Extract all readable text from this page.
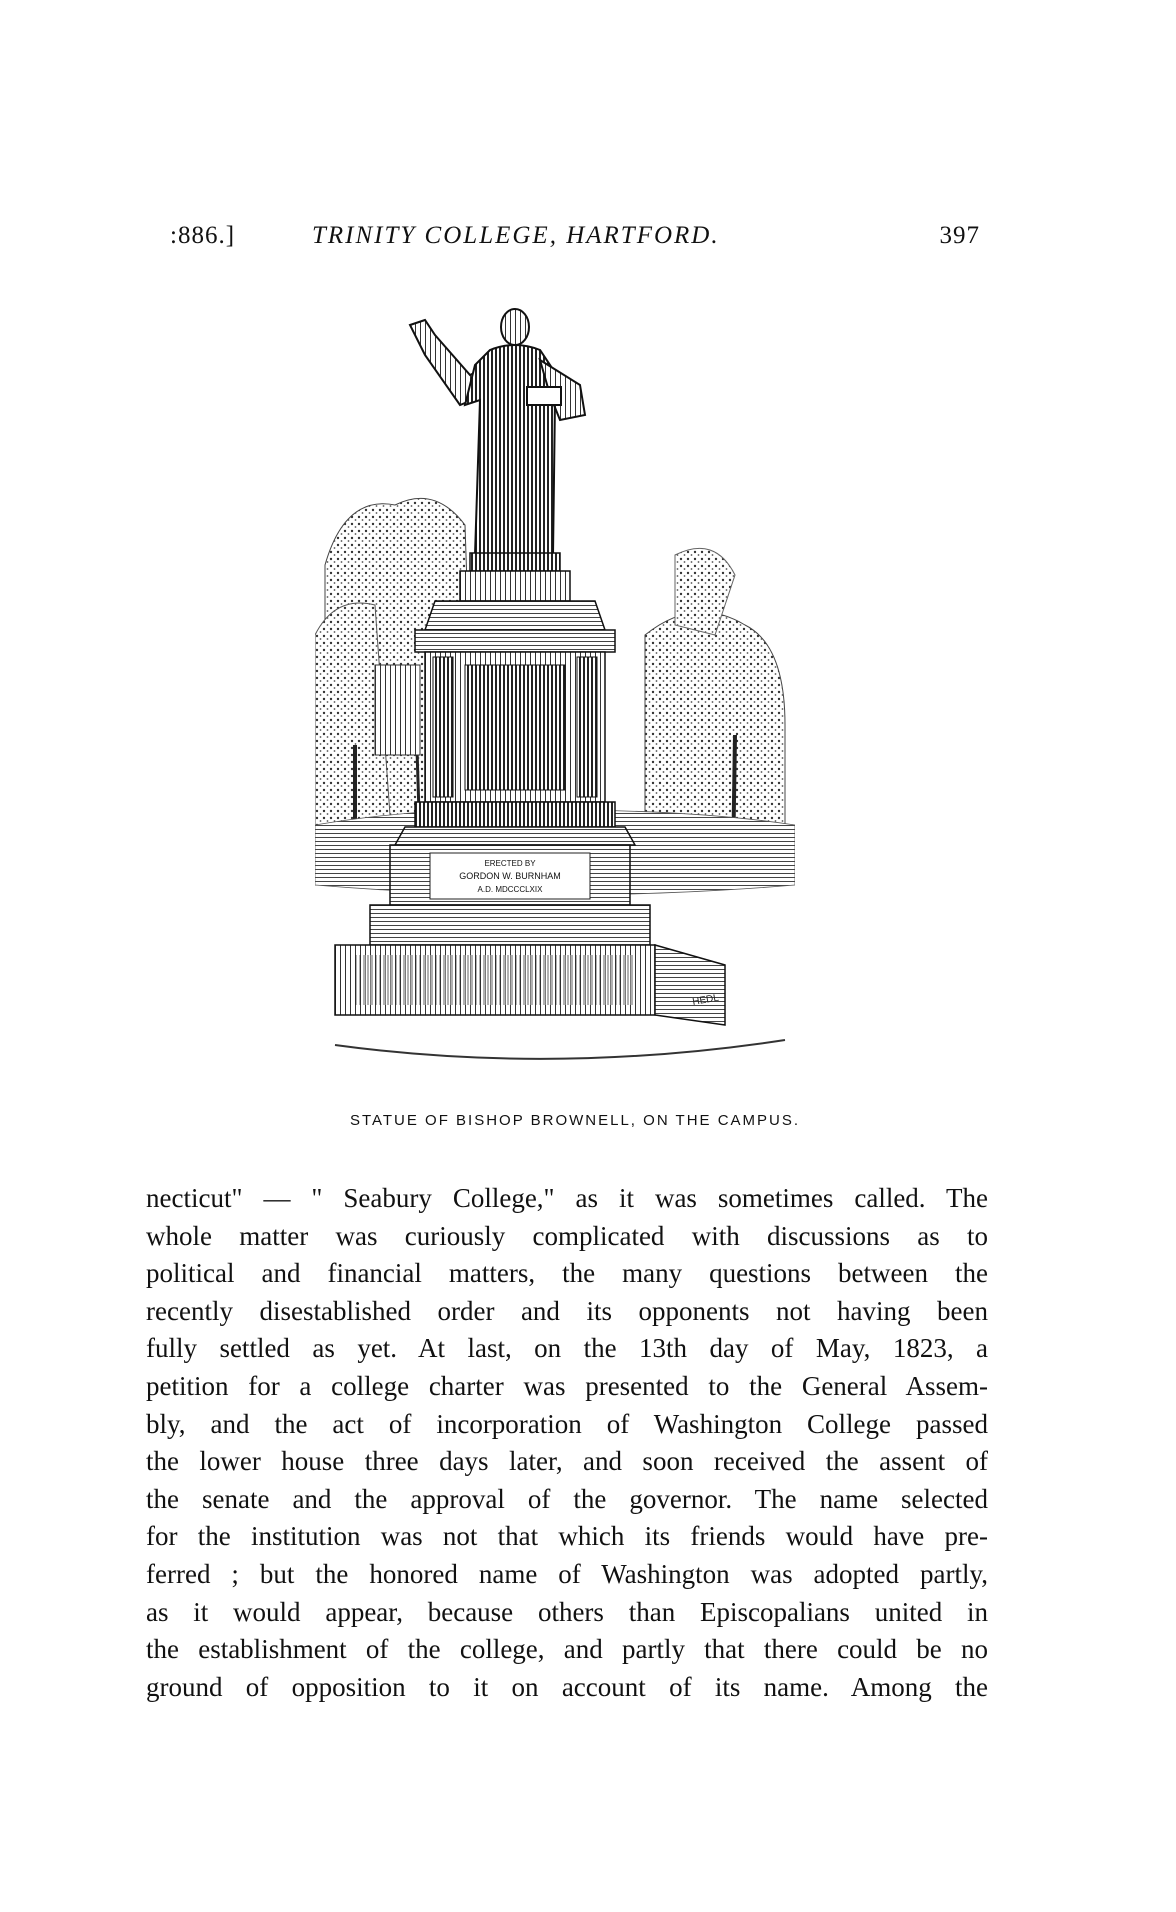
:886.]	TRINITY COLLEGE, HARTFORD.	397
ERECTED BY
GORDON W. BURNHAM
A.D. MDCCCLXIX
HEDL
STATUE OF BISHOP BROWNELL, ON THE CAMPUS.
necticut" — " Seabury College," as it was sometimes called. The
whole matter was curiously complicated with discussions as to
political and financial matters, the many questions between the
recently disestablished order and its opponents not having been
fully settled as yet. At last, on the 13th day of May, 1823, a
petition for a college charter was presented to the General Assem-
bly, and the act of incorporation of Washington College passed
the lower house three days later, and soon received the assent of
the senate and the approval of the governor. The name selected
for the institution was not that which its friends would have pre-
ferred ; but the honored name of Washington was adopted partly,
as it would appear, because others than Episcopalians united in
the establishment of the college, and partly that there could be no
ground of opposition to it on account of its name. Among the
